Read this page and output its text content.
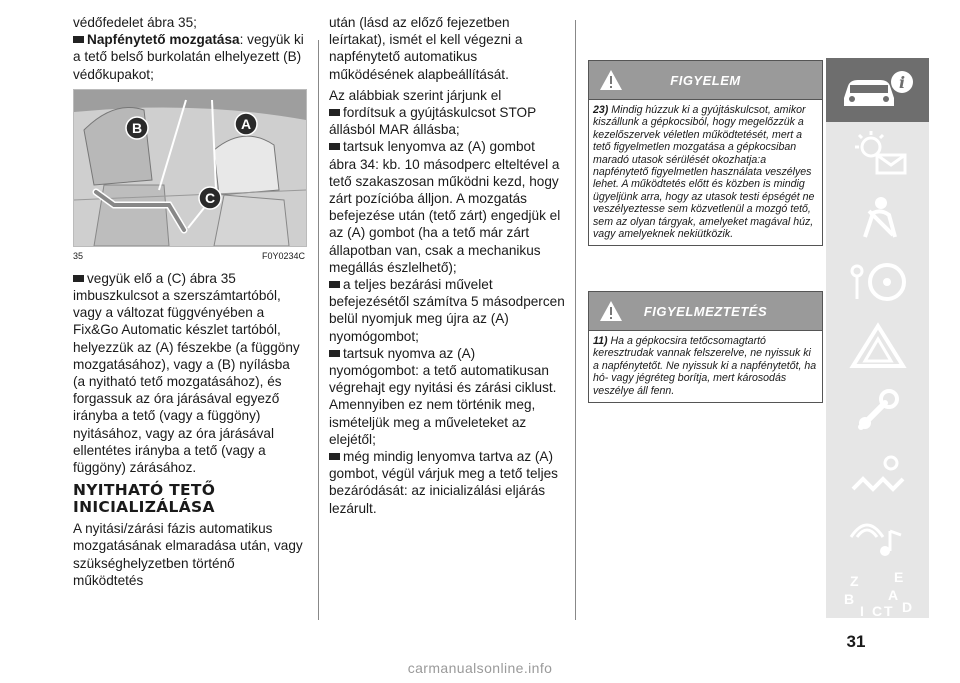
védőfedelet ábra 35;

Napfénytető mozgatása: vegyük ki a tető belső burkolatán elhelyezett (B) védőkupakot;

B	A
C
35	F0Y0234C

vegyük elő a (C) ábra 35 imbuszkulcsot a szerszámtartóból, vagy a változat függvényében a Fix&Go Automatic készlet tartóból, helyezzük az (A) fészekbe (a függöny mozgatásához), vagy a (B) nyílásba (a nyitható tető mozgatásához), és forgassuk az óra járásával egyező irányba a tető (vagy a függöny) nyitásához, vagy az óra járásával ellentétes irányba a tető (vagy a függöny) zárásához.

NYITHATÓ TETŐ INICIALIZÁLÁSA

A nyitási/zárási fázis automatikus mozgatásának elmaradása után, vagy szükséghelyzetben történő működtetés

után (lásd az előző fejezetben leírtakat), ismét el kell végezni a napfénytető automatikus működésének alapbeállítását.

Az alábbiak szerint járjunk el

fordítsuk a gyújtáskulcsot STOP állásból MAR állásba;

tartsuk lenyomva az (A) gombot ábra 34: kb. 10 másodperc elteltével a tető szakaszosan működni kezd, hogy zárt pozícióba álljon. A mozgatás befejezése után (tető zárt) engedjük el az (A) gombot (ha a tető már zárt állapotban van, csak a mechanikus megállás észlelhető);

a teljes bezárási művelet befejezésétől számítva 5 másodpercen belül nyomjuk meg újra az (A) nyomógombot;

tartsuk nyomva az (A) nyomógombot: a tető automatikusan végrehajt egy nyitási és zárási ciklust. Amennyiben ez nem történik meg, ismételjük meg a műveleteket az elejétől;

még mindig lenyomva tartva az (A) gombot, végül várjuk meg a tető teljes bezáródását: az inicializálási eljárás lezárult.

FIGYELEM
23) Mindig húzzuk ki a gyújtáskulcsot, amikor kiszállunk a gépkocsiból, hogy megelőzzük a kezelőszervek véletlen működtetését, mert a tető figyelmetlen mozgatása a gépkocsiban maradó utasok sérülését okozhatja:a napfénytető figyelmetlen használata veszélyes lehet. A működtetés előtt és közben is mindig ügyeljünk arra, hogy az utasok testi épségét ne veszélyeztesse sem közvetlenül a mozgó tető, sem az olyan tárgyak, amelyeket magával húz, vagy amelyeknek nekiütközik.
FIGYELMEZTETÉS
11) Ha a gépkocsira tetőcsomagtartó keresztrudak vannak felszerelve, ne nyissuk ki a napfénytetőt. Ne nyissuk ki a napfénytetőt, ha hó- vagy jégréteg borítja, mert károsodás veszélye áll fenn.
i
Z	E
B A
I C T D
31
carmanualsonline.info
